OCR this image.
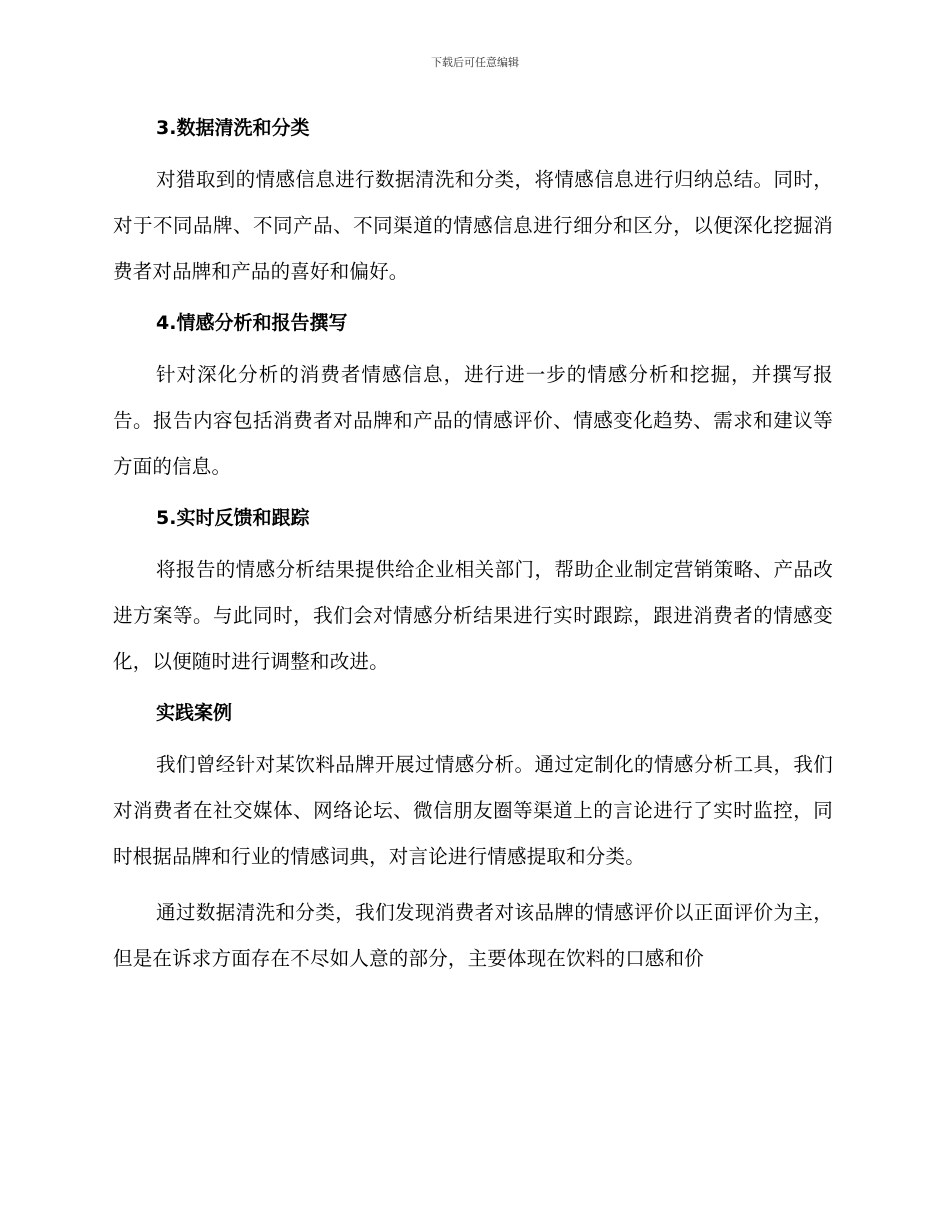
下载后可任意编辑
3.数据清洗和分类

对猎取到的情感信息进行数据清洗和分类，将情感信息进行归纳总结。同时，对于不同品牌、不同产品、不同渠道的情感信息进行细分和区分，以便深化挖掘消费者对品牌和产品的喜好和偏好。

4.情感分析和报告撰写

针对深化分析的消费者情感信息，进行进一步的情感分析和挖掘，并撰写报告。报告内容包括消费者对品牌和产品的情感评价、情感变化趋势、需求和建议等方面的信息。

5.实时反馈和跟踪

将报告的情感分析结果提供给企业相关部门，帮助企业制定营销策略、产品改进方案等。与此同时，我们会对情感分析结果进行实时跟踪，跟进消费者的情感变化，以便随时进行调整和改进。

实践案例

我们曾经针对某饮料品牌开展过情感分析。通过定制化的情感分析工具，我们对消费者在社交媒体、网络论坛、微信朋友圈等渠道上的言论进行了实时监控，同时根据品牌和行业的情感词典，对言论进行情感提取和分类。

通过数据清洗和分类，我们发现消费者对该品牌的情感评价以正面评价为主，但是在诉求方面存在不尽如人意的部分，主要体现在饮料的口感和价
